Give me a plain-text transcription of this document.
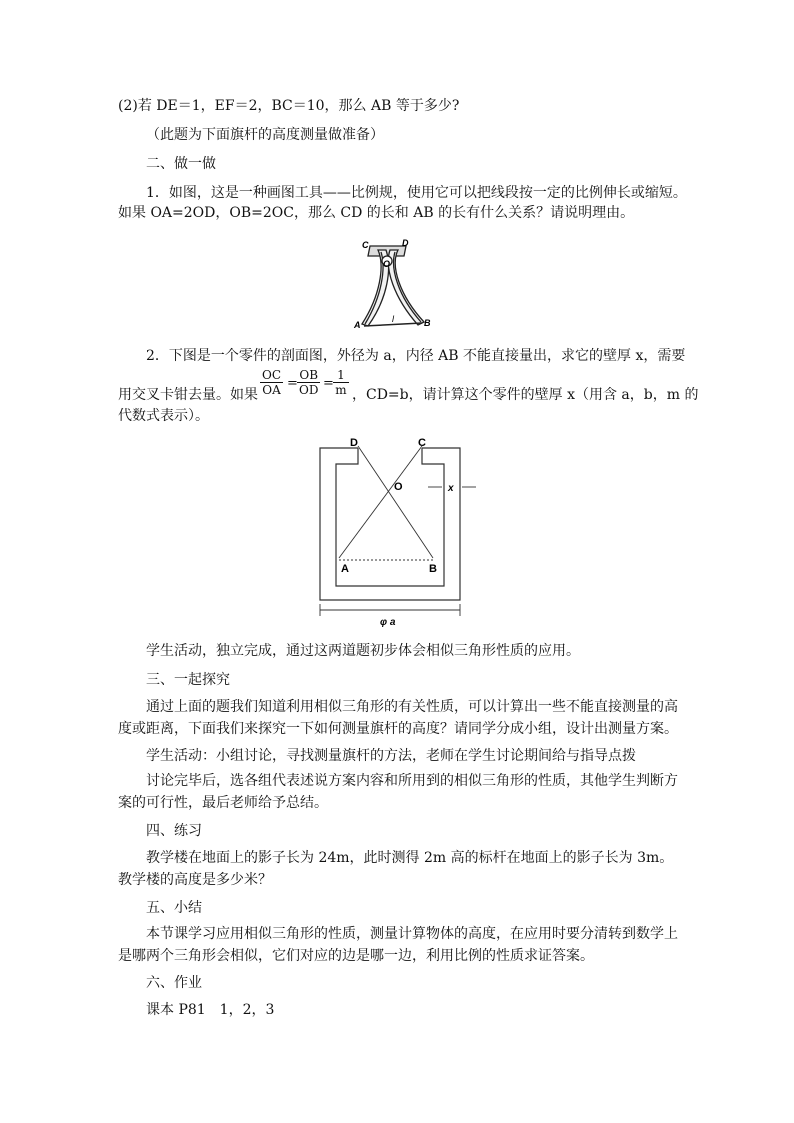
(2)若 DE＝1，EF＝2，BC＝10，那么 AB 等于多少?

（此题为下面旗杆的高度测量做准备）

二、做一做

1．如图，这是一种画图工具——比例规，使用它可以把线段按一定的比例伸长或缩短。

如果 OA=2OD，OB=2OC，那么 CD 的长和 AB 的长有什么关系？请说明理由。

C	D
O
A	B
l

2．下图是一个零件的剖面图，外径为 a，内径 AB 不能直接量出，求它的壁厚 x，需要

用交叉卡钳去量。如果 $\frac{OC}{OA} = \frac{OB}{OD} = \frac{1}{m}$ ，CD=b，请计算这个零件的壁厚 x（用含 a，b，m 的

代数式表示）。

D	C
O	x
A	B
φ a

学生活动，独立完成，通过这两道题初步体会相似三角形性质的应用。

三、一起探究

通过上面的题我们知道利用相似三角形的有关性质，可以计算出一些不能直接测量的高度或距离，下面我们来探究一下如何测量旗杆的高度？请同学分成小组，设计出测量方案。

学生活动：小组讨论，寻找测量旗杆的方法，老师在学生讨论期间给与指导点拨

讨论完毕后，选各组代表述说方案内容和所用到的相似三角形的性质，其他学生判断方案的可行性，最后老师给予总结。

四、练习

教学楼在地面上的影子长为 24m，此时测得 2m 高的标杆在地面上的影子长为 3m。教学楼的高度是多少米？

五、小结

本节课学习应用相似三角形的性质，测量计算物体的高度，在应用时要分清转到数学上是哪两个三角形会相似，它们对应的边是哪一边，利用比例的性质求证答案。

六、作业

课本 P81　1，2，3
